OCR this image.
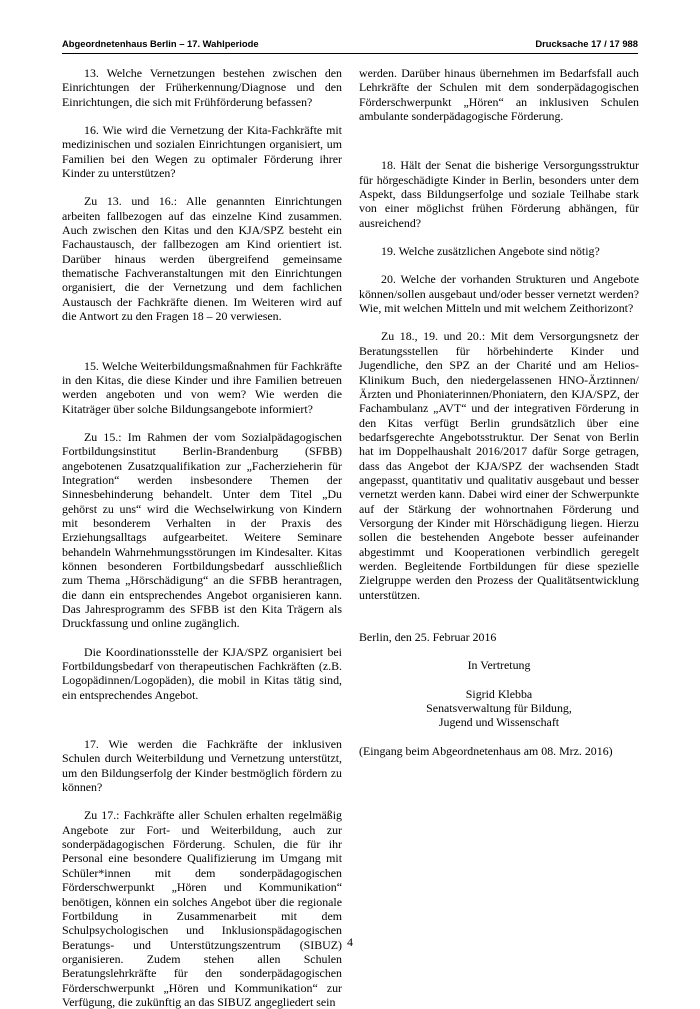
Abgeordnetenhaus Berlin – 17. Wahlperiode	Drucksache 17 / 17 988

13. Welche Vernetzungen bestehen zwischen den Einrichtungen der Früherkennung/Diagnose und den Einrichtungen, die sich mit Frühförderung befassen?

16. Wie wird die Vernetzung der Kita-Fachkräfte mit medizinischen und sozialen Einrichtungen organisiert, um Familien bei den Wegen zu optimaler Förderung ihrer Kinder zu unterstützen?

Zu 13. und 16.: Alle genannten Einrichtungen arbeiten fallbezogen auf das einzelne Kind zusammen. Auch zwischen den Kitas und den KJA/SPZ besteht ein Fachaustausch, der fallbezogen am Kind orientiert ist. Darüber hinaus werden übergreifend gemeinsame thematische Fachveranstaltungen mit den Einrichtungen organisiert, die der Vernetzung und dem fachlichen Austausch der Fachkräfte dienen. Im Weiteren wird auf die Antwort zu den Fragen 18 – 20 verwiesen.

15. Welche Weiterbildungsmaßnahmen für Fachkräfte in den Kitas, die diese Kinder und ihre Familien betreuen werden angeboten und von wem? Wie werden die Kitaträger über solche Bildungsangebote informiert?

Zu 15.: Im Rahmen der vom Sozialpädagogischen Fortbildungsinstitut Berlin-Brandenburg (SFBB) angebotenen Zusatzqualifikation zur „Facherzieherin für Integration“ werden insbesondere Themen der Sinnesbehinderung behandelt. Unter dem Titel „Du gehörst zu uns“ wird die Wechselwirkung von Kindern mit besonderem Verhalten in der Praxis des Erziehungsalltags aufgearbeitet. Weitere Seminare behandeln Wahrnehmungsstörungen im Kindesalter. Kitas können besonderen Fortbildungsbedarf ausschließlich zum Thema „Hörschädigung“ an die SFBB herantragen, die dann ein entsprechendes Angebot organisieren kann. Das Jahresprogramm des SFBB ist den Kita Trägern als Druckfassung und online zugänglich.

Die Koordinationsstelle der KJA/SPZ organisiert bei Fortbildungsbedarf von therapeutischen Fachkräften (z.B. Logopädinnen/Logopäden), die mobil in Kitas tätig sind, ein entsprechendes Angebot.

17. Wie werden die Fachkräfte der inklusiven Schulen durch Weiterbildung und Vernetzung unterstützt, um den Bildungserfolg der Kinder bestmöglich fördern zu können?

Zu 17.: Fachkräfte aller Schulen erhalten regelmäßig Angebote zur Fort- und Weiterbildung, auch zur sonderpädagogischen Förderung. Schulen, die für ihr Personal eine besondere Qualifizierung im Umgang mit Schüler*innen mit dem sonderpädagogischen Förderschwerpunkt „Hören und Kommunikation“ benötigen, können ein solches Angebot über die regionale Fortbildung in Zusammenarbeit mit dem Schulpsychologischen und Inklusionspädagogischen Beratungs- und Unterstützungszentrum (SIBUZ) organisieren. Zudem stehen allen Schulen Beratungslehrkräfte für den sonderpädagogischen Förderschwerpunkt „Hören und Kommunikation“ zur Verfügung, die zukünftig an das SIBUZ angegliedert sein

werden. Darüber hinaus übernehmen im Bedarfsfall auch Lehrkräfte der Schulen mit dem sonderpädagogischen Förderschwerpunkt „Hören“ an inklusiven Schulen ambulante sonderpädagogische Förderung.

18. Hält der Senat die bisherige Versorgungsstruktur für hörgeschädigte Kinder in Berlin, besonders unter dem Aspekt, dass Bildungserfolge und soziale Teilhabe stark von einer möglichst frühen Förderung abhängen, für ausreichend?

19. Welche zusätzlichen Angebote sind nötig?

20. Welche der vorhanden Strukturen und Angebote können/sollen ausgebaut und/oder besser vernetzt werden? Wie, mit welchen Mitteln und mit welchem Zeithorizont?

Zu 18., 19. und 20.: Mit dem Versorgungsnetz der Beratungsstellen für hörbehinderte Kinder und Jugendliche, den SPZ an der Charité und am Helios-Klinikum Buch, den niedergelassenen HNO-Ärztinnen/Ärzten und Phoniaterinnen/Phoniatern, den KJA/SPZ, der Fachambulanz „AVT“ und der integrativen Förderung in den Kitas verfügt Berlin grundsätzlich über eine bedarfsgerechte Angebotsstruktur. Der Senat von Berlin hat im Doppelhaushalt 2016/2017 dafür Sorge getragen, dass das Angebot der KJA/SPZ der wachsenden Stadt angepasst, quantitativ und qualitativ ausgebaut und besser vernetzt werden kann. Dabei wird einer der Schwerpunkte auf der Stärkung der wohnortnahen Förderung und Versorgung der Kinder mit Hörschädigung liegen. Hierzu sollen die bestehenden Angebote besser aufeinander abgestimmt und Kooperationen verbindlich geregelt werden. Begleitende Fortbildungen für diese spezielle Zielgruppe werden den Prozess der Qualitätsentwicklung unterstützen.

Berlin, den 25. Februar 2016

In Vertretung

Sigrid Klebba

Senatsverwaltung für Bildung,

Jugend und Wissenschaft

(Eingang beim Abgeordnetenhaus am 08. Mrz. 2016)

4
